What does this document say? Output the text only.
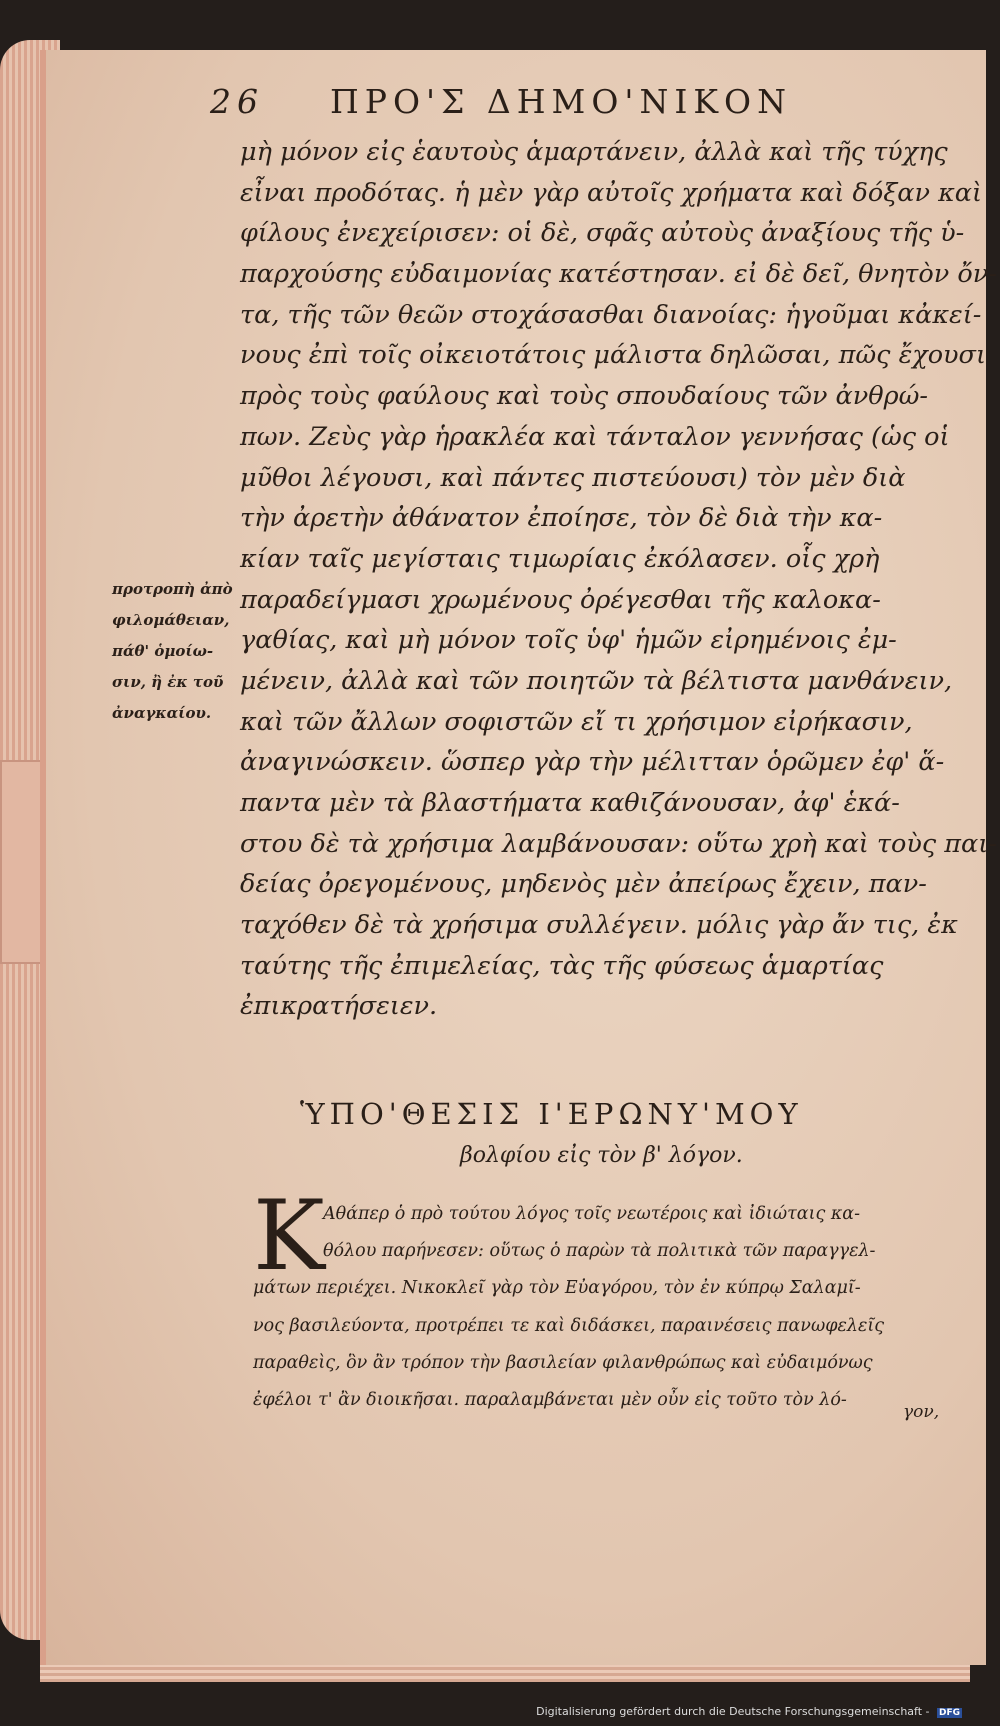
26 ΠΡΟ'Σ ΔΗΜΟ'ΝΙΚΟΝ
μὴ μόνον εἰς ἑαυτοὺς ἁμαρτάνειν, ἀλλὰ καὶ τῆς τύχης
εἶναι προδότας. ἡ μὲν γὰρ αὐτοῖς χρήματα καὶ δόξαν καὶ
φίλους ἐνεχείρισεν: οἱ δὲ, σφᾶς αὐτοὺς ἀναξίους τῆς ὑ-
παρχούσης εὐδαιμονίας κατέστησαν. εἰ δὲ δεῖ, θνητὸν ὄν-
τα, τῆς τῶν θεῶν στοχάσασθαι διανοίας: ἡγοῦμαι κἀκεί-
νους ἐπὶ τοῖς οἰκειοτάτοις μάλιστα δηλῶσαι, πῶς ἔχουσι
πρὸς τοὺς φαύλους καὶ τοὺς σπουδαίους τῶν ἀνθρώ-
πων. Ζεὺς γὰρ ἡρακλέα καὶ τάνταλον γεννήσας (ὡς οἱ
μῦθοι λέγουσι, καὶ πάντες πιστεύουσι) τὸν μὲν διὰ
τὴν ἀρετὴν ἀθάνατον ἐποίησε, τὸν δὲ διὰ τὴν κα-
κίαν ταῖς μεγίσταις τιμωρίαις ἐκόλασεν. οἷς χρὴ
παραδείγμασι χρωμένους ὀρέγεσθαι τῆς καλοκα-
γαθίας, καὶ μὴ μόνον τοῖς ὑφ' ἡμῶν εἰρημένοις ἐμ-
μένειν, ἀλλὰ καὶ τῶν ποιητῶν τὰ βέλτιστα μανθάνειν,
καὶ τῶν ἄλλων σοφιστῶν εἴ τι χρήσιμον εἰρήκασιν,
ἀναγινώσκειν. ὥσπερ γὰρ τὴν μέλιτταν ὁρῶμεν ἐφ' ἅ-
παντα μὲν τὰ βλαστήματα καθιζάνουσαν, ἀφ' ἑκά-
στου δὲ τὰ χρήσιμα λαμβάνουσαν: οὕτω χρὴ καὶ τοὺς παι-
δείας ὀρεγομένους, μηδενὸς μὲν ἀπείρως ἔχειν, παν-
ταχόθεν δὲ τὰ χρήσιμα συλλέγειν. μόλις γὰρ ἄν τις, ἐκ
ταύτης τῆς ἐπιμελείας, τὰς τῆς φύσεως ἁμαρτίας
ἐπικρατήσειεν.
προτροπὴ ἀπὸ
φιλομάθειαν,
πάθ' ὁμοίω-
σιν, ἢ ἐκ τοῦ
ἀναγκαίου.
ὙΠΟ'ΘΕΣΙΣ Ι'ΕΡΩΝΥ'ΜΟΥ
βολφίου εἰς τὸν β' λόγον.
K
Αθάπερ ὁ πρὸ τούτου λόγος τοῖς νεωτέροις καὶ ἰδιώταις κα-
θόλου παρήνεσεν: οὕτως ὁ παρὼν τὰ πολιτικὰ τῶν παραγγελ-
μάτων περιέχει. Νικοκλεῖ γὰρ τὸν Εὐαγόρου, τὸν ἐν κύπρῳ Σαλαμῖ-
νος βασιλεύοντα, προτρέπει τε καὶ διδάσκει, παραινέσεις πανωφελεῖς
παραθεὶς, ὃν ἂν τρόπον τὴν βασιλείαν φιλανθρώπως καὶ εὐδαιμόνως
ἐφέλοι τ' ἂν διοικῆσαι. παραλαμβάνεται μὲν οὖν εἰς τοῦτο τὸν λό-
γον,
Digitalisierung gefördert durch die Deutsche Forschungsgemeinschaft - DFG
